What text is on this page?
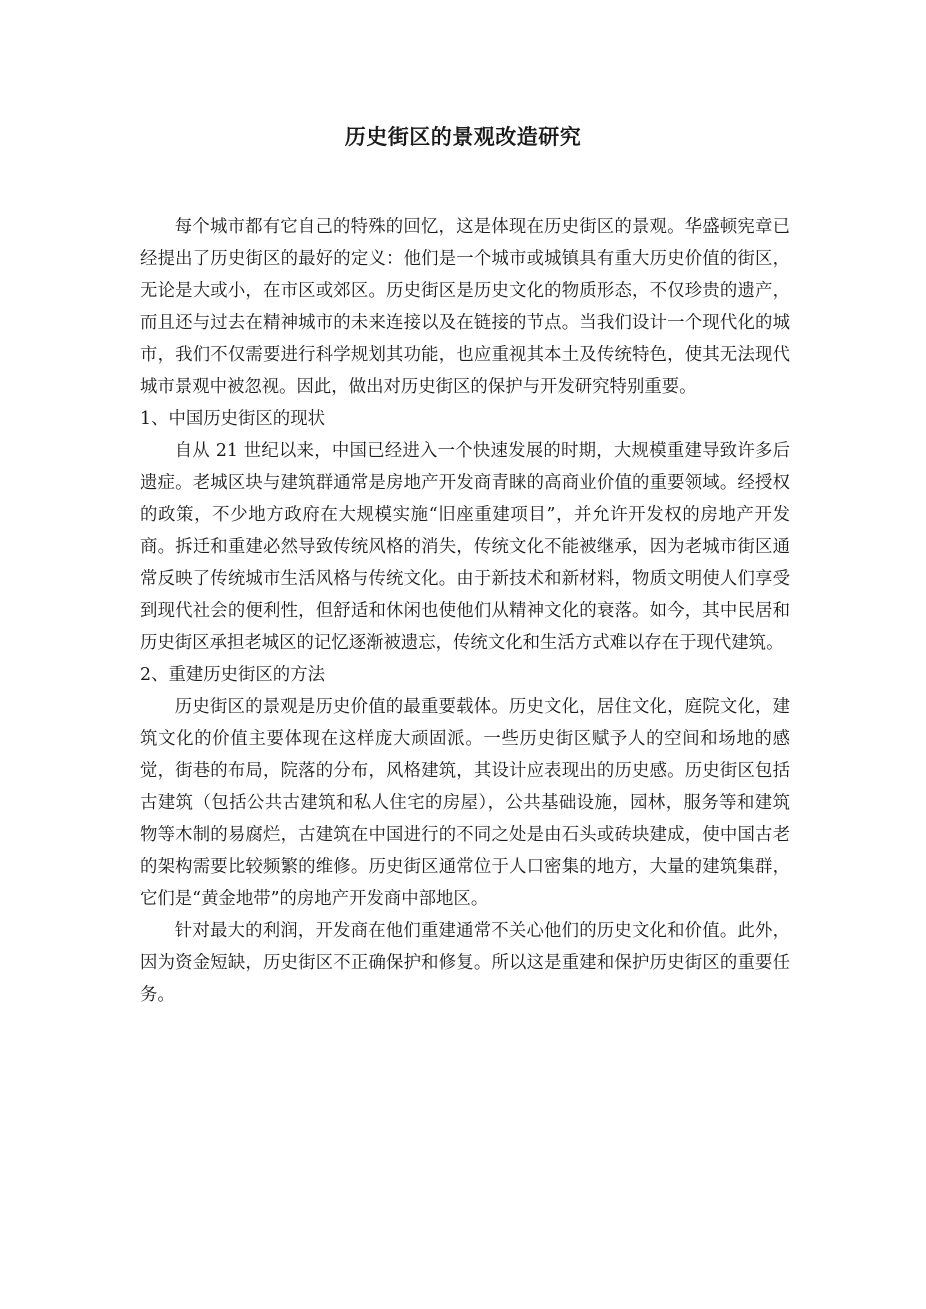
历史街区的景观改造研究

每个城市都有它自己的特殊的回忆，这是体现在历史街区的景观。华盛顿宪章已经提出了历史街区的最好的定义：他们是一个城市或城镇具有重大历史价值的街区，无论是大或小，在市区或郊区。历史街区是历史文化的物质形态，不仅珍贵的遗产，而且还与过去在精神城市的未来连接以及在链接的节点。当我们设计一个现代化的城市，我们不仅需要进行科学规划其功能，也应重视其本土及传统特色，使其无法现代城市景观中被忽视。因此，做出对历史街区的保护与开发研究特别重要。

1、中国历史街区的现状

自从 21 世纪以来，中国已经进入一个快速发展的时期，大规模重建导致许多后遗症。老城区块与建筑群通常是房地产开发商青睐的高商业价值的重要领域。经授权的政策，不少地方政府在大规模实施“旧座重建项目”，并允许开发权的房地产开发商。拆迁和重建必然导致传统风格的消失，传统文化不能被继承，因为老城市街区通常反映了传统城市生活风格与传统文化。由于新技术和新材料，物质文明使人们享受到现代社会的便利性，但舒适和休闲也使他们从精神文化的衰落。如今，其中民居和历史街区承担老城区的记忆逐渐被遗忘，传统文化和生活方式难以存在于现代建筑。

2、重建历史街区的方法

历史街区的景观是历史价值的最重要载体。历史文化，居住文化，庭院文化，建筑文化的价值主要体现在这样庞大顽固派。一些历史街区赋予人的空间和场地的感觉，街巷的布局，院落的分布，风格建筑，其设计应表现出的历史感。历史街区包括古建筑（包括公共古建筑和私人住宅的房屋），公共基础设施，园林，服务等和建筑物等木制的易腐烂，古建筑在中国进行的不同之处是由石头或砖块建成，使中国古老的架构需要比较频繁的维修。历史街区通常位于人口密集的地方，大量的建筑集群，它们是“黄金地带”的房地产开发商中部地区。

针对最大的利润，开发商在他们重建通常不关心他们的历史文化和价值。此外，因为资金短缺，历史街区不正确保护和修复。所以这是重建和保护历史街区的重要任务。
